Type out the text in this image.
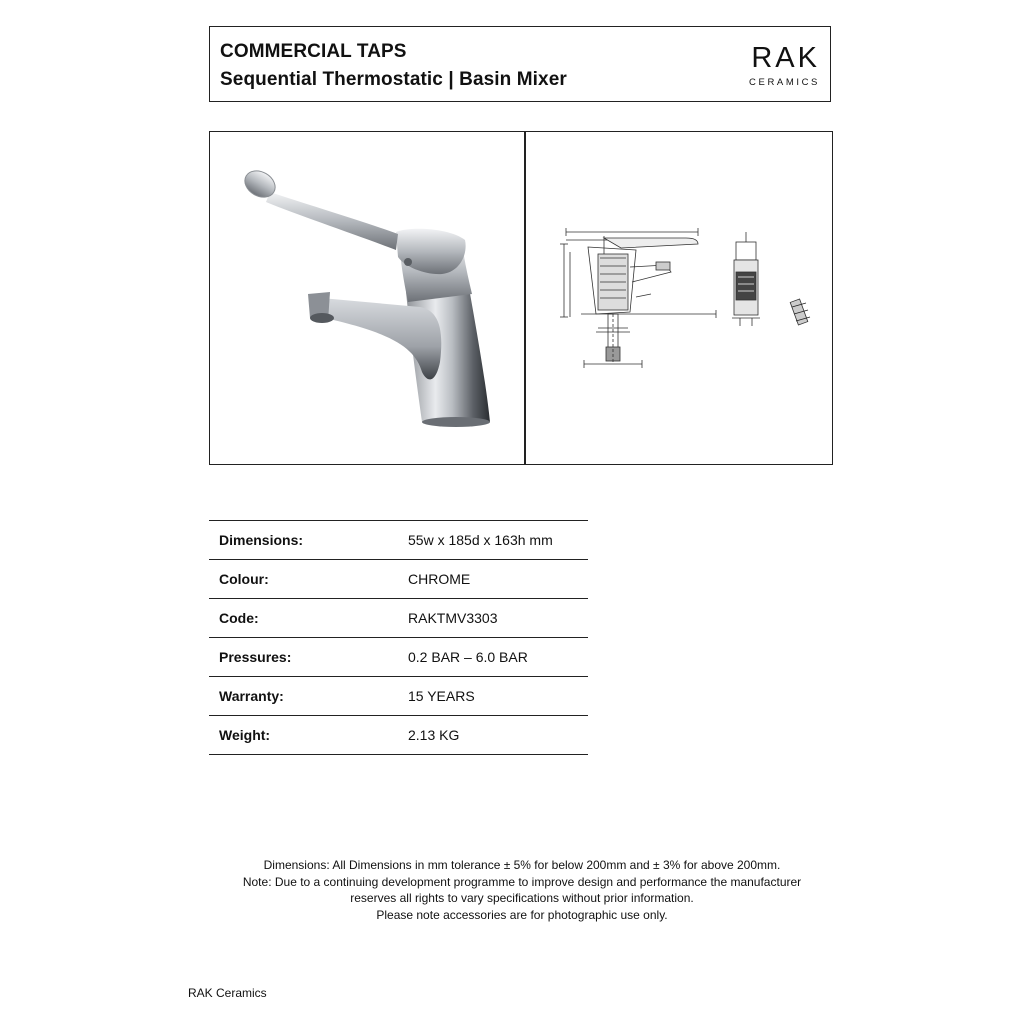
COMMERCIAL TAPS
Sequential Thermostatic | Basin Mixer
RAK
CERAMICS
Dimensions:	55w x 185d x 163h mm
Colour:	CHROME
Code:	RAKTMV3303
Pressures:	0.2 BAR – 6.0 BAR
Warranty:	15 YEARS
Weight:	2.13 KG
Dimensions: All Dimensions in mm tolerance ± 5% for below 200mm and ± 3% for above 200mm.
Note: Due to a continuing development programme to improve design and performance the manufacturer
reserves all rights to vary specifications without prior information.
Please note accessories are for photographic use only.
RAK Ceramics
